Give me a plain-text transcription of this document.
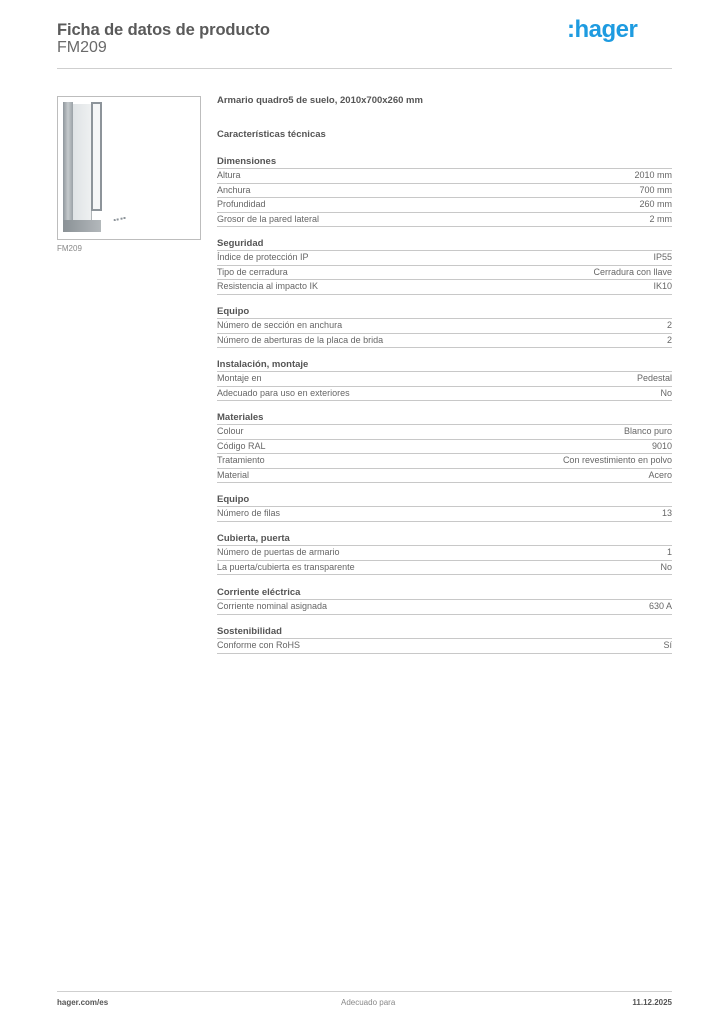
Ficha de datos de producto
FM209
:hager
FM209
Armario quadro5 de suelo, 2010x700x260 mm
Características técnicas
Dimensiones
Altura	2010 mm
Anchura	700 mm
Profundidad	260 mm
Grosor de la pared lateral	2 mm
Seguridad
Índice de protección IP	IP55
Tipo de cerradura	Cerradura con llave
Resistencia al impacto IK	IK10
Equipo
Número de sección en anchura	2
Número de aberturas de la placa de brida	2
Instalación, montaje
Montaje en	Pedestal
Adecuado para uso en exteriores	No
Materiales
Colour	Blanco puro
Código RAL	9010
Tratamiento	Con revestimiento en polvo
Material	Acero
Equipo
Número de filas	13
Cubierta, puerta
Número de puertas de armario	1
La puerta/cubierta es transparente	No
Corriente eléctrica
Corriente nominal asignada	630 A
Sostenibilidad
Conforme con RoHS	Sí
hager.com/es	Adecuado para	11.12.2025
